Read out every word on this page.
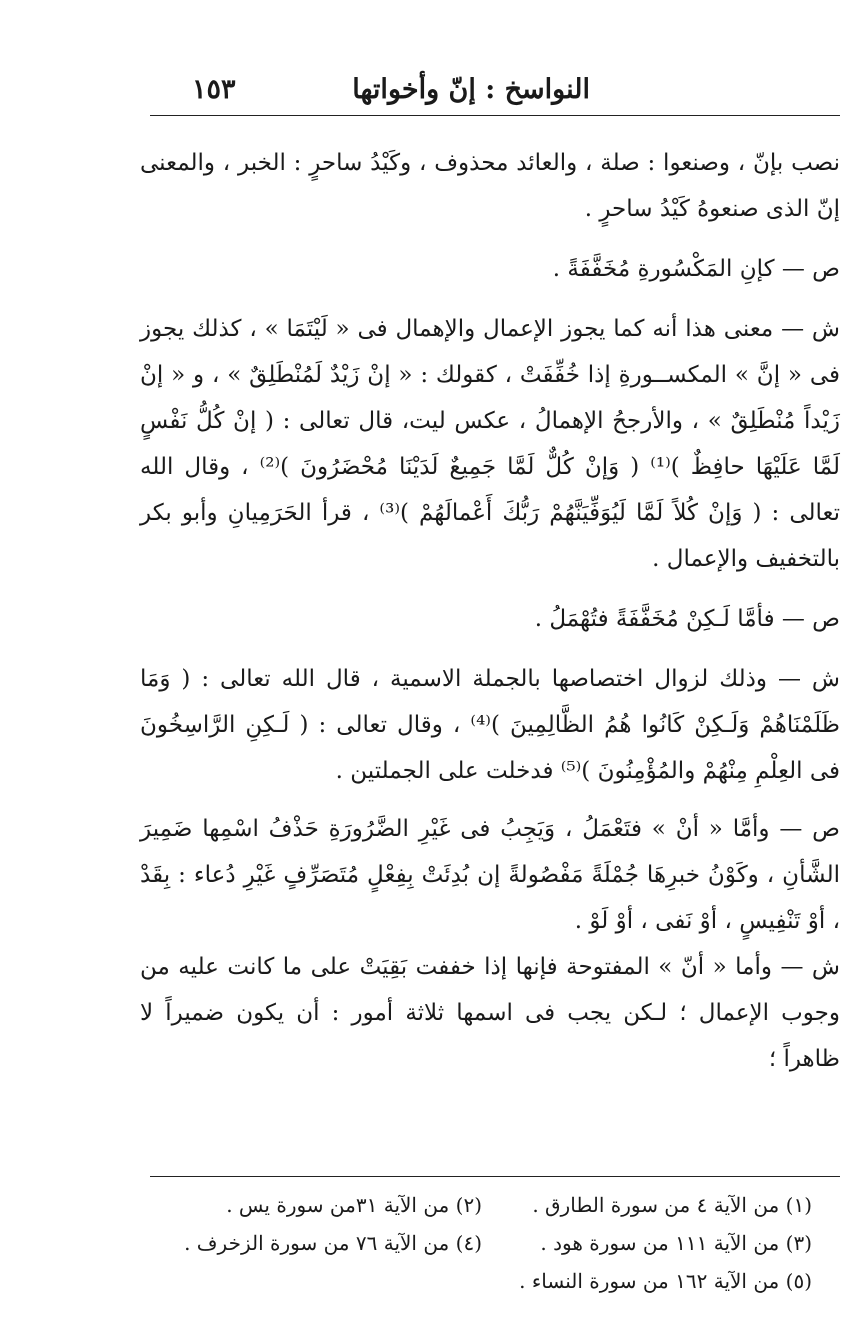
النواسخ : إنّ وأخواتها
١٥٣

نصب بإنّ ، وصنعوا : صلة ، والعائد محذوف ، وكَيْدُ ساحرٍ : الخبر ، والمعنى إنّ الذى صنعوهُ كَيْدُ ساحرٍ .

ص — كإنِ المَكْسُورةِ مُخَفَّفَةً .

ش — معنى هذا أنه كما يجوز الإعمال والإهمال فى « لَيْتَمَا » ، كذلك يجوز فى « إنَّ » المكســورةِ إذا خُفِّفَتْ ، كقولك : « إنْ زَيْدٌ لَمُنْطَلِقٌ » ، و « إنْ زَيْداً مُنْطَلِقٌ » ، والأرجحُ الإهمالُ ، عكس ليت، قال تعالى : ( إنْ كُلُّ نَفْسٍ لَمَّا عَلَيْهَا حافِظٌ )⁽¹⁾ ( وَإنْ كُلٌّ لَمَّا جَمِيعٌ لَدَيْنَا مُحْضَرُونَ )⁽²⁾ ، وقال الله تعالى : ( وَإنْ كُلاً لَمَّا لَيُوَفِّيَنَّهُمْ رَبُّكَ أَعْمالَهُمْ )⁽³⁾ ، قرأ الحَرَمِيانِ وأبو بكر بالتخفيف والإعمال .

ص — فأمَّا لَـكِنْ مُخَفَّفَةً فتُهْمَلُ .

ش — وذلك لزوال اختصاصها بالجملة الاسمية ، قال الله تعالى : ( وَمَا ظَلَمْنَاهُمْ وَلَـكِنْ كَانُوا هُمُ الظَّالِمِينَ )⁽⁴⁾ ، وقال تعالى : ( لَـكِنِ الرَّاسِخُونَ فى العِلْمِ مِنْهُمْ والمُؤْمِنُونَ )⁽⁵⁾ فدخلت على الجملتين .

ص — وأمَّا « أنْ » فتَعْمَلُ ، وَيَجِبُ فى غَيْرِ الضَّرُورَةِ حَذْفُ اسْمِها ضَمِيرَ الشَّأنِ ، وكَوْنُ خبرِهَا جُمْلَةً مَفْصُولةً إن بُدِئَتْ بِفِعْلٍ مُتَصَرِّفٍ غَيْرِ دُعاء : بِقَدْ ، أوْ تَنْفِيسٍ ، أوْ نَفى ، أوْ لَوْ .

ش — وأما « أنّ » المفتوحة فإنها إذا خففت بَقِيَتْ على ما كانت عليه من وجوب الإعمال ؛ لـكن يجب فى اسمها ثلاثة أمور : أن يكون ضميراً لا ظاهراً ؛

(١) من الآية ٤ من سورة الطارق .
(٢) من الآية ٣١من سورة يس .
(٣) من الآية ١١١ من سورة هود .
(٤) من الآية ٧٦ من سورة الزخرف .
(٥) من الآية ١٦٢ من سورة النساء .
